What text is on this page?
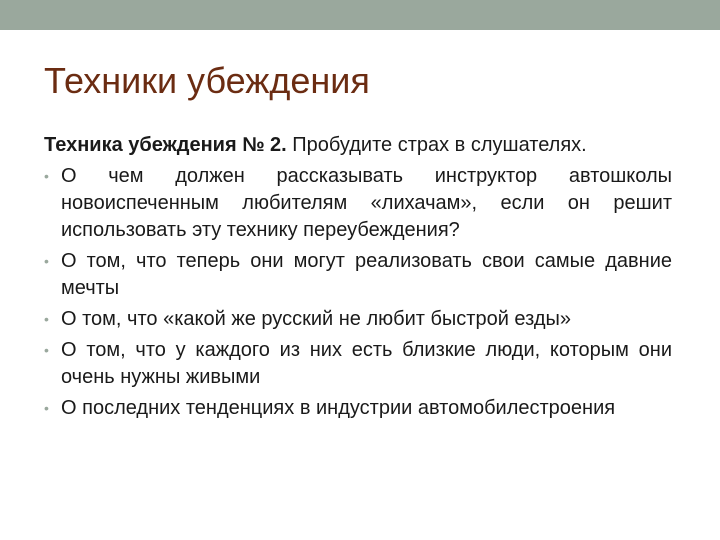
Техники убеждения

Техника убеждения № 2. Пробудите страх в слушателях.

• О чем должен рассказывать инструктор автошколы новоиспеченным любителям «лихачам», если он решит использовать эту технику переубеждения?
• О том, что теперь они могут реализовать свои самые давние мечты
• О том, что «какой же русский не любит быстрой езды»
• О том, что у каждого из них есть близкие люди, которым они очень нужны живыми
• О последних тенденциях в индустрии автомобилестроения
